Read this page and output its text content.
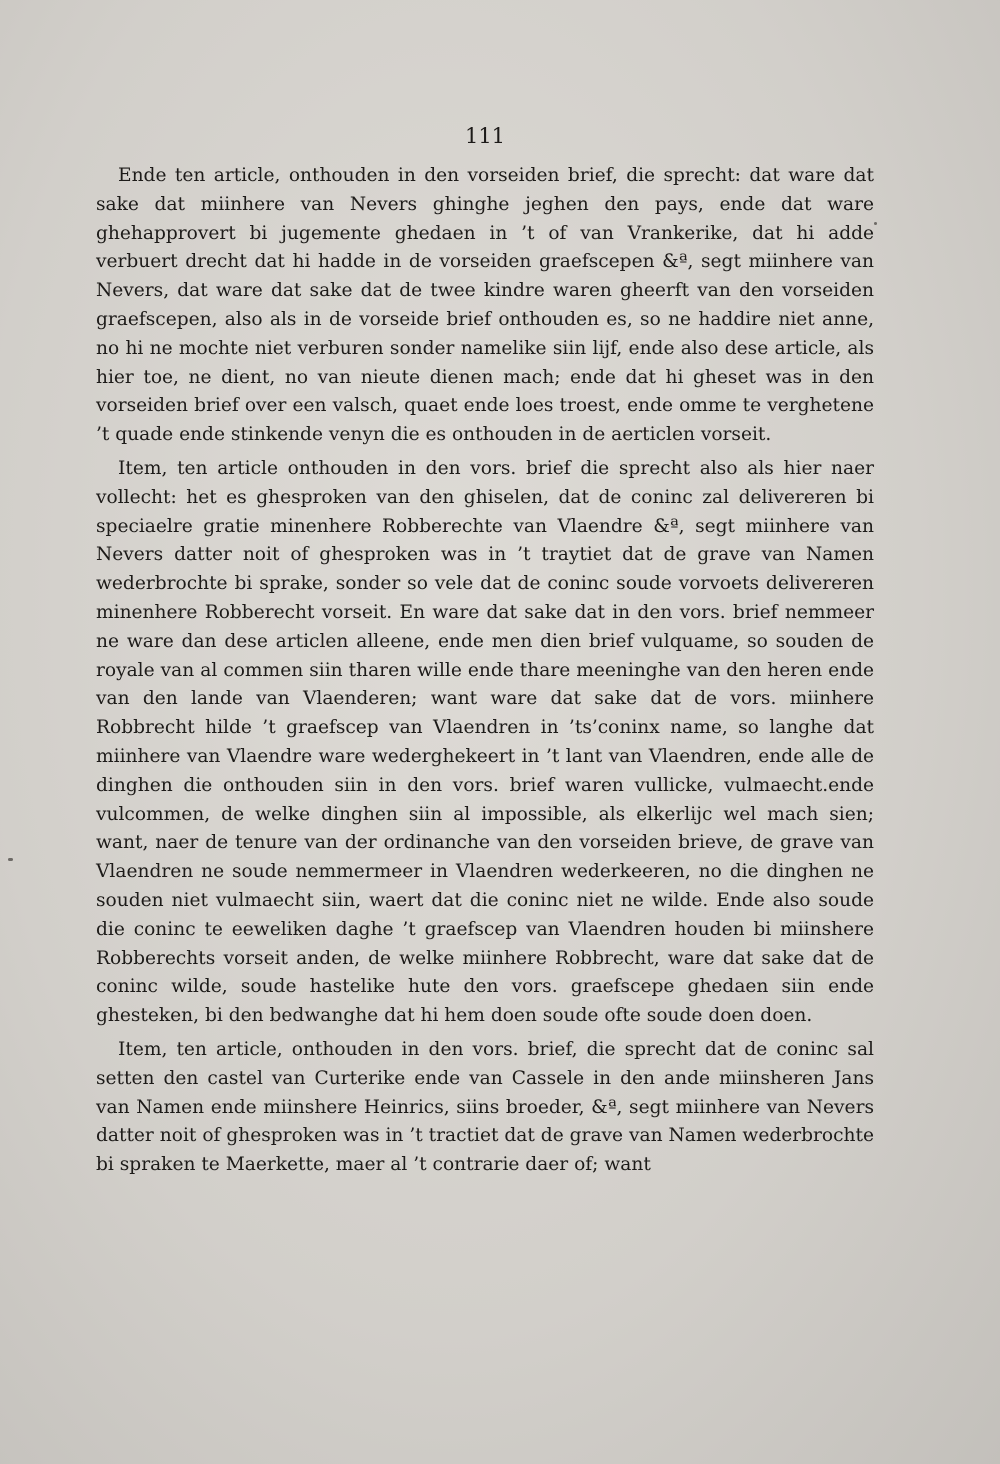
111

Ende ten article, onthouden in den vorseiden brief, die sprecht: dat ware dat sake dat miinhere van Nevers ghinghe jeghen den pays, ende dat ware ghehapprovert bi jugemente ghedaen in ’t of van Vrankerike, dat hi adde verbuert drecht dat hi hadde in de vorseiden graefscepen &ª, segt miinhere van Nevers, dat ware dat sake dat de twee kindre waren gheerft van den vorseiden graefscepen, also als in de vorseide brief onthouden es, so ne haddire niet anne, no hi ne mochte niet verburen sonder namelike siin lijf, ende also dese article, als hier toe, ne dient, no van nieute dienen mach; ende dat hi gheset was in den vorseiden brief over een valsch, quaet ende loes troest, ende omme te verghetene ’t quade ende stinkende venyn die es onthouden in de aerticlen vorseit.

Item, ten article onthouden in den vors. brief die sprecht also als hier naer vollecht: het es ghesproken van den ghiselen, dat de coninc zal delivereren bi speciaelre gratie minenhere Robberechte van Vlaendre &ª, segt miinhere van Nevers datter noit of ghesproken was in ’t traytiet dat de grave van Namen wederbrochte bi sprake, sonder so vele dat de coninc soude vorvoets delivereren minenhere Robberecht vorseit. En ware dat sake dat in den vors. brief nemmeer ne ware dan dese articlen alleene, ende men dien brief vulquame, so souden de royale van al commen siin tharen wille ende thare meeninghe van den heren ende van den lande van Vlaenderen; want ware dat sake dat de vors. miinhere Robbrecht hilde ’t graefscep van Vlaendren in ’ts’coninx name, so langhe dat miinhere van Vlaendre ware wederghekeert in ’t lant van Vlaendren, ende alle de dinghen die onthouden siin in den vors. brief waren vullicke, vulmaecht.ende vulcommen, de welke dinghen siin al impossible, als elkerlijc wel mach sien; want, naer de tenure van der ordinanche van den vorseiden brieve, de grave van Vlaendren ne soude nemmermeer in Vlaendren wederkeeren, no die dinghen ne souden niet vulmaecht siin, waert dat die coninc niet ne wilde. Ende also soude die coninc te eeweliken daghe ’t graefscep van Vlaendren houden bi miinshere Robberechts vorseit anden, de welke miinhere Robbrecht, ware dat sake dat de coninc wilde, soude hastelike hute den vors. graefscepe ghedaen siin ende ghesteken, bi den bedwanghe dat hi hem doen soude ofte soude doen doen.

Item, ten article, onthouden in den vors. brief, die sprecht dat de coninc sal setten den castel van Curterike ende van Cassele in den ande miinsheren Jans van Namen ende miinshere Heinrics, siins broeder, &ª, segt miinhere van Nevers datter noit of ghesproken was in ’t tractiet dat de grave van Namen wederbrochte bi spraken te Maerkette, maer al ’t contrarie daer of; want
